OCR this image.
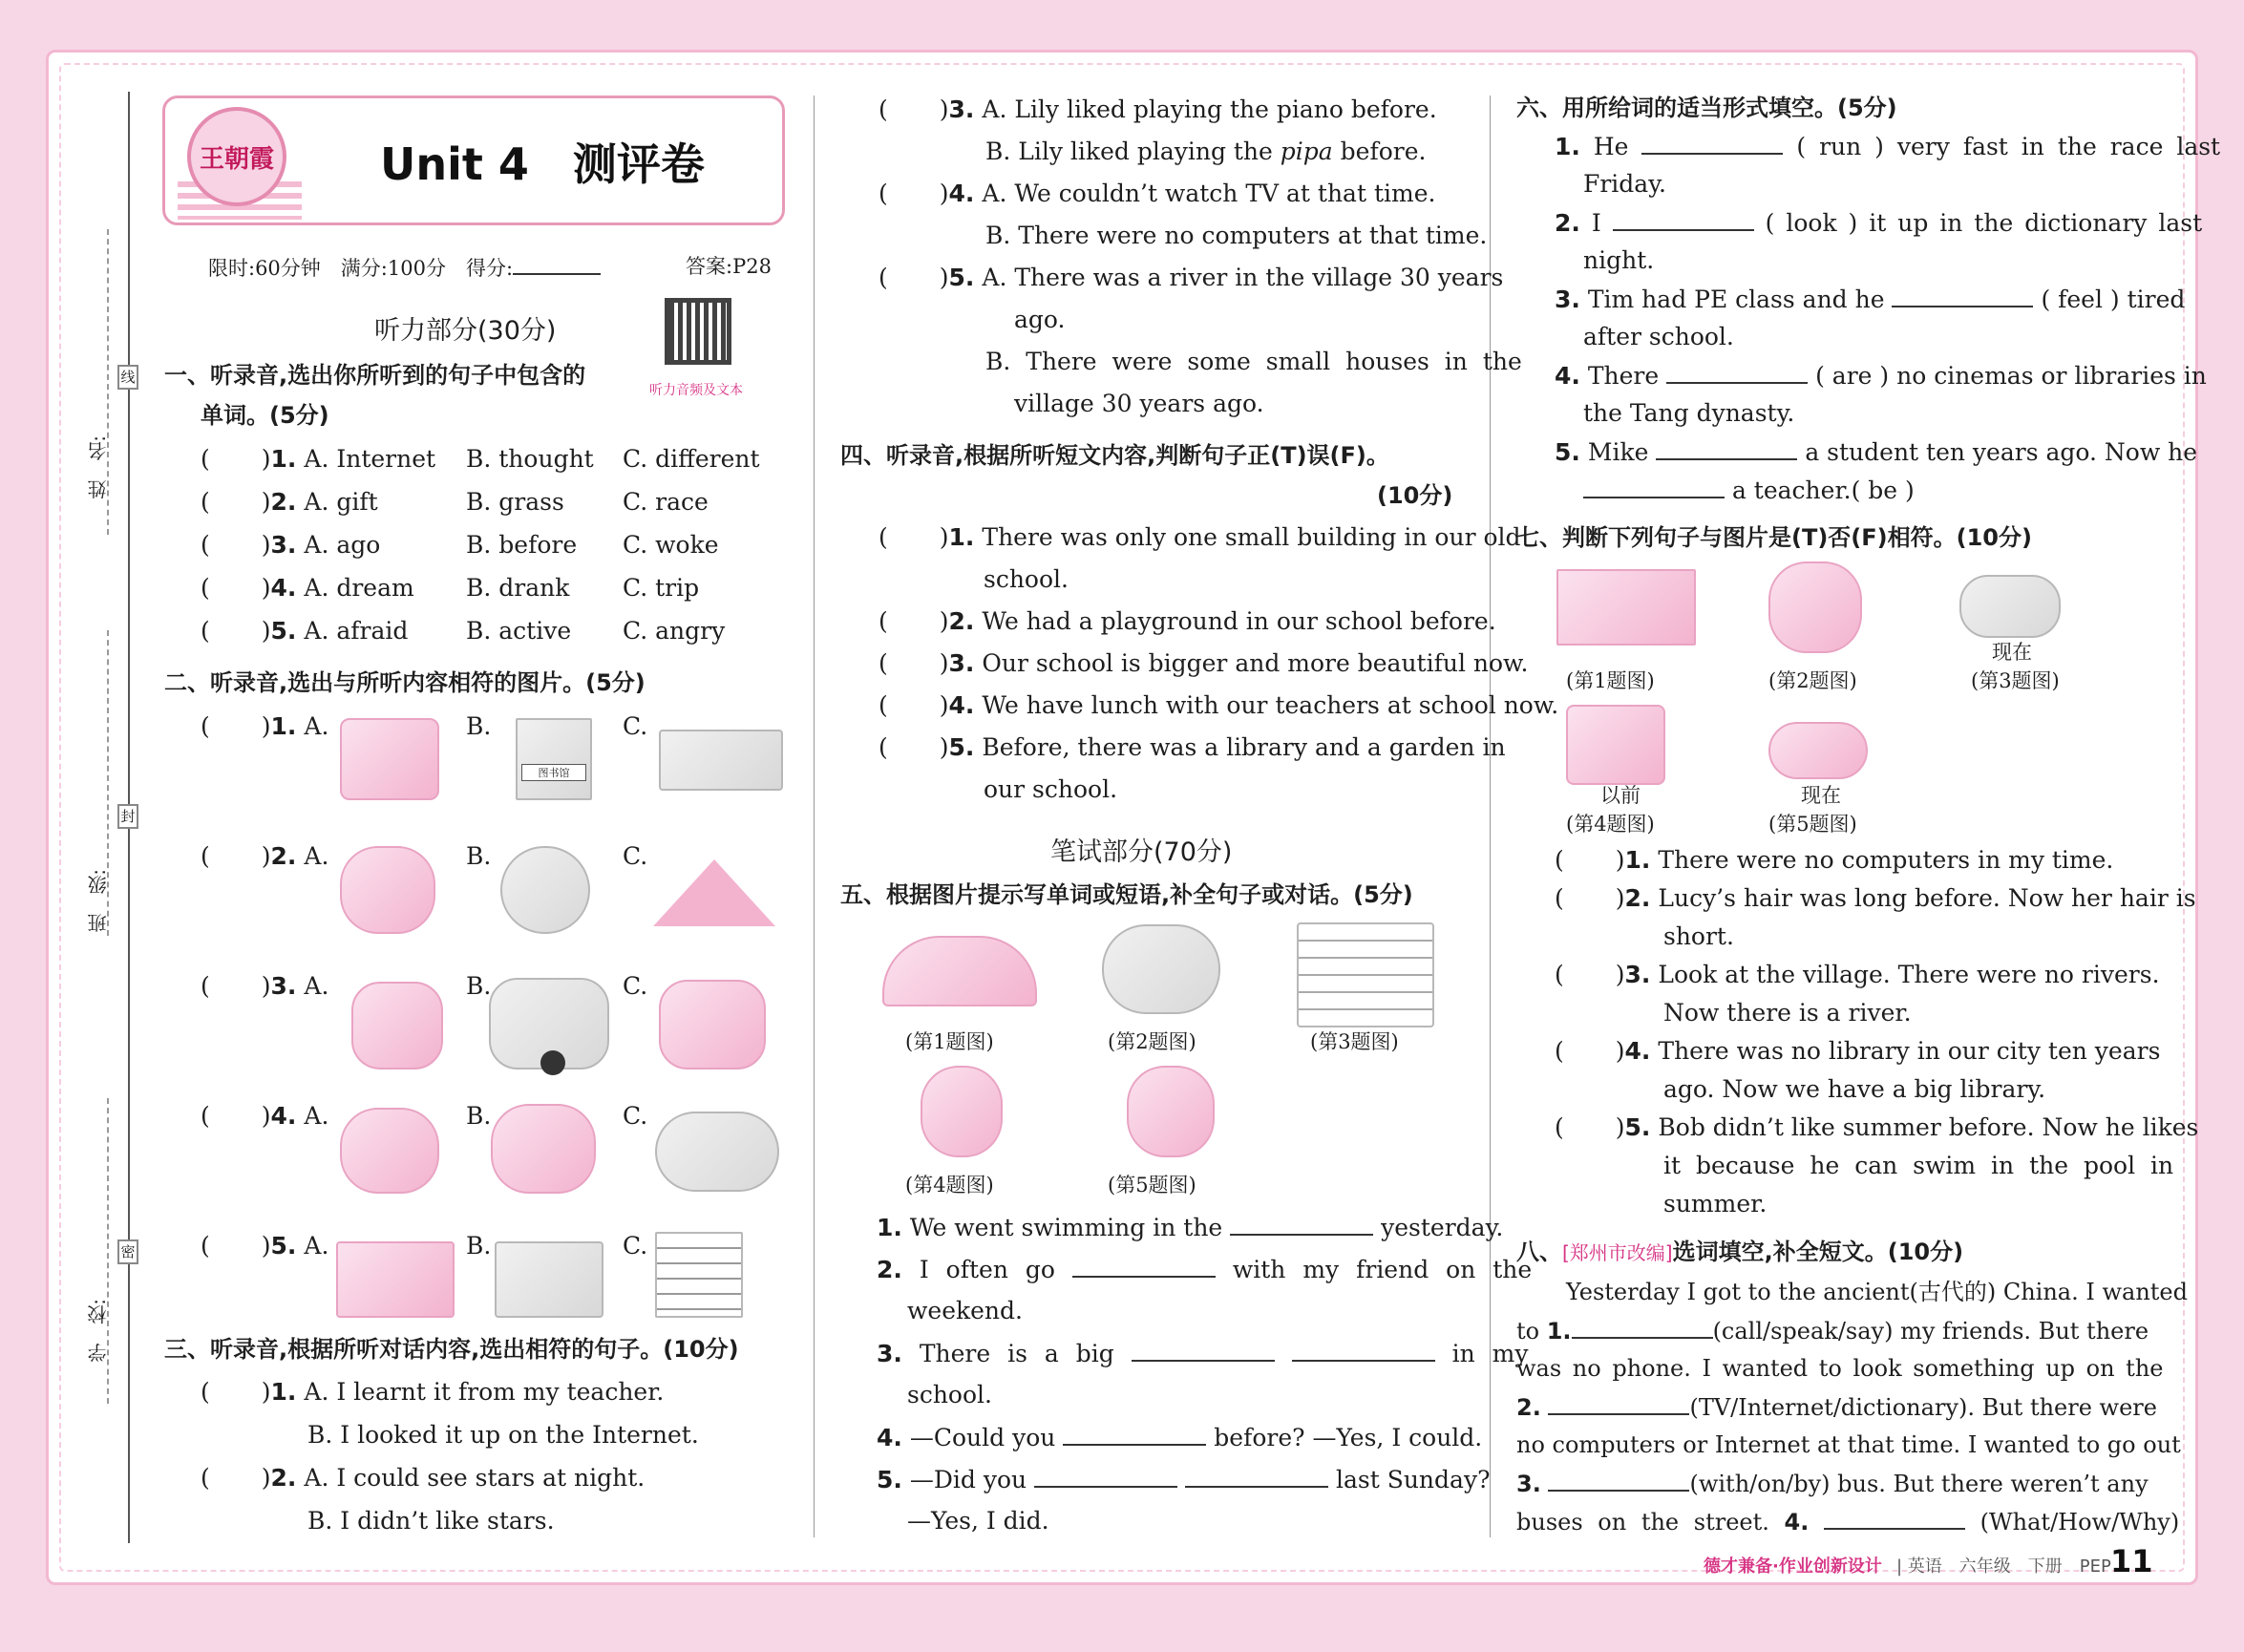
姓　名:
班　级:
学　校:
线
封
密
王朝霞 Unit 4　测评卷
限时:60分钟　满分:100分　得分:	答案:P28
听力部分(30分)
听力音频及文本
一、听录音,选出你所听到的句子中包含的
单词。(5分)
( )1. A. Internet B. thought C. different
( )2. A. gift	B. grass C. race
( )3. A. ago	B. before C. woke
( )4. A. dream B. drank C. trip
( )5. A. afraid B. active C. angry
二、听录音,选出与所听内容相符的图片。(5分)
( )1. A.	B.	C.
图书馆
( )2. A.	B.	C.
( )3. A.	B.	C.
( )4. A.	B.	C.
( )5. A.	B.	C.
三、听录音,根据所听对话内容,选出相符的句子。(10分)
( )1. A. I learnt it from my teacher.
B. I looked it up on the Internet.
( )2. A. I could see stars at night.
B. I didn’t like stars.
( )3. A. Lily liked playing the piano before.
B. Lily liked playing the pipa before.
( )4. A. We couldn’t watch TV at that time.
B. There were no computers at that time.
( )5. A. There was a river in the village 30 years
ago.
B. There were some small houses in the
village 30 years ago.
四、听录音,根据所听短文内容,判断句子正(T)误(F)。
(10分)
( )1. There was only one small building in our old
school.
( )2. We had a playground in our school before.
( )3. Our school is bigger and more beautiful now.
( )4. We have lunch with our teachers at school now.
( )5. Before, there was a library and a garden in
our school.
笔试部分(70分)
五、根据图片提示写单词或短语,补全句子或对话。(5分)
(第1题图)	(第2题图)	(第3题图)
(第4题图)	(第5题图)
1. We went swimming in the	yesterday.
2. I often go	with my friend on the
weekend.
3. There is a big	in my
school.
4. —Could you	before? —Yes, I could.
5. —Did you	last Sunday?
—Yes, I did.
六、用所给词的适当形式填空。(5分)
1. He	( run ) very fast in the race last
Friday.
2. I	( look ) it up in the dictionary last
night.
3. Tim had PE class and he	( feel ) tired
after school.
4. There	( are ) no cinemas or libraries in
the Tang dynasty.
5. Mike	a student ten years ago. Now he
a teacher.( be )
七、判断下列句子与图片是(T)否(F)相符。(10分)
现在
(第1题图)	(第2题图)	(第3题图)
以前	现在
(第4题图)	(第5题图)
( )1. There were no computers in my time.
( )2. Lucy’s hair was long before. Now her hair is
short.
( )3. Look at the village. There were no rivers.
Now there is a river.
( )4. There was no library in our city ten years
ago. Now we have a big library.
( )5. Bob didn’t like summer before. Now he likes
it because he can swim in the pool in
summer.
八、[郑州市改编]选词填空,补全短文。(10分)
Yesterday I got to the ancient(古代的) China. I wanted
to 1.	(call/speak/say) my friends. But there
was no phone. I wanted to look something up on the
2.	(TV/Internet/dictionary). But there were
no computers or Internet at that time. I wanted to go out
3.	(with/on/by) bus. But there weren’t any
buses on the street. 4.	(What/How/Why)
德才兼备·作业创新设计 | 英语　六年级　下册　PEP 11
